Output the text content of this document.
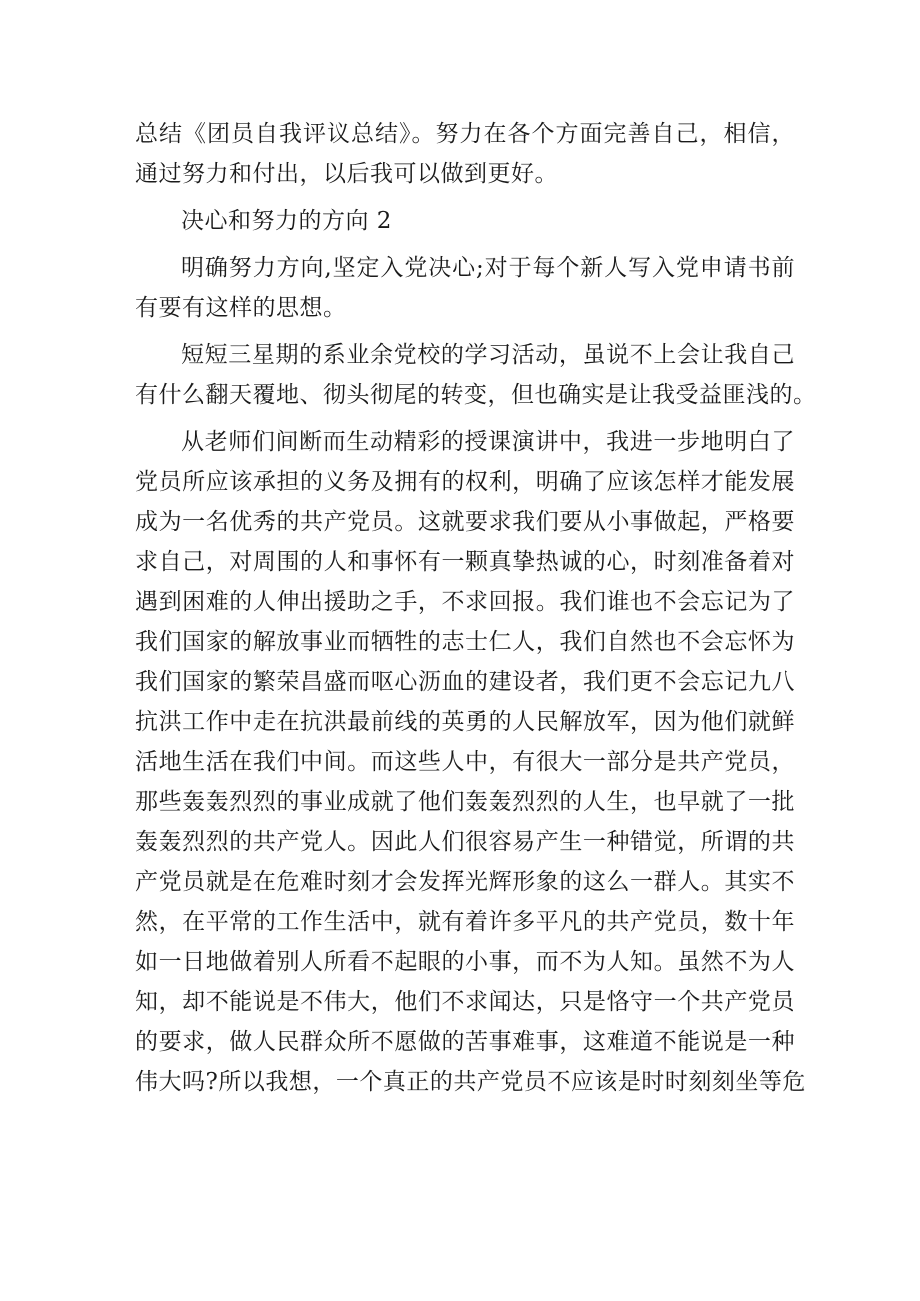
总结《团员自我评议总结》。努力在各个方面完善自己，相信，
通过努力和付出，以后我可以做到更好。
决心和努力的方向 2
明确努力方向,坚定入党决心;对于每个新人写入党申请书前
有要有这样的思想。
短短三星期的系业余党校的学习活动，虽说不上会让我自己
有什么翻天覆地、彻头彻尾的转变，但也确实是让我受益匪浅的。
从老师们间断而生动精彩的授课演讲中，我进一步地明白了
党员所应该承担的义务及拥有的权利，明确了应该怎样才能发展
成为一名优秀的共产党员。这就要求我们要从小事做起，严格要
求自己，对周围的人和事怀有一颗真挚热诚的心，时刻准备着对
遇到困难的人伸出援助之手，不求回报。我们谁也不会忘记为了
我们国家的解放事业而牺牲的志士仁人，我们自然也不会忘怀为
我们国家的繁荣昌盛而呕心沥血的建设者，我们更不会忘记九八
抗洪工作中走在抗洪最前线的英勇的人民解放军，因为他们就鲜
活地生活在我们中间。而这些人中，有很大一部分是共产党员，
那些轰轰烈烈的事业成就了他们轰轰烈烈的人生，也早就了一批
轰轰烈烈的共产党人。因此人们很容易产生一种错觉，所谓的共
产党员就是在危难时刻才会发挥光辉形象的这么一群人。其实不
然，在平常的工作生活中，就有着许多平凡的共产党员，数十年
如一日地做着别人所看不起眼的小事，而不为人知。虽然不为人
知，却不能说是不伟大，他们不求闻达，只是恪守一个共产党员
的要求，做人民群众所不愿做的苦事难事，这难道不能说是一种
伟大吗?所以我想，一个真正的共产党员不应该是时时刻刻坐等危
